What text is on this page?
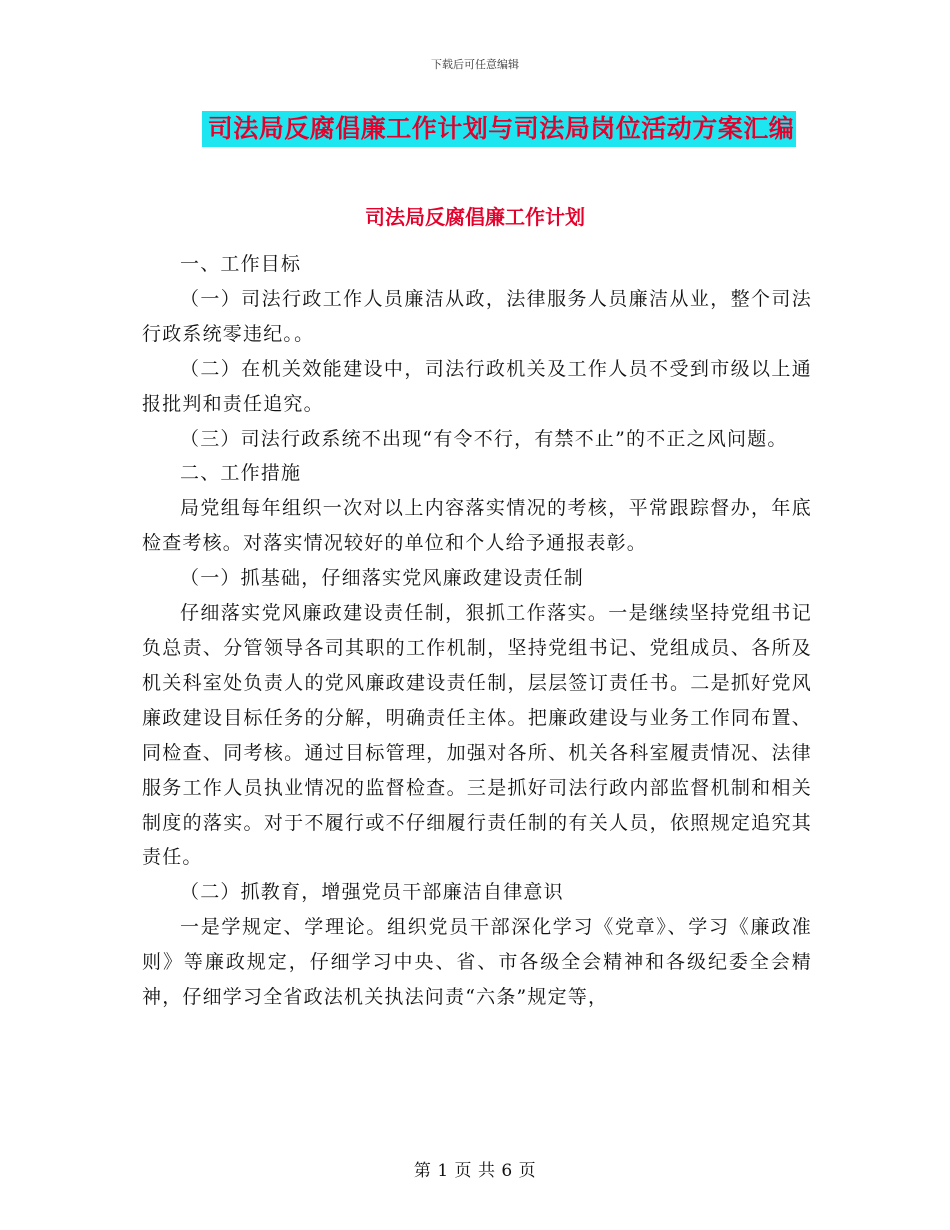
下载后可任意编辑
司法局反腐倡廉工作计划与司法局岗位活动方案汇编
司法局反腐倡廉工作计划

一、工作目标

（一）司法行政工作人员廉洁从政，法律服务人员廉洁从业，整个司法行政系统零违纪。。

（二）在机关效能建设中，司法行政机关及工作人员不受到市级以上通报批判和责任追究。

（三）司法行政系统不出现“有令不行，有禁不止”的不正之风问题。

二、工作措施

局党组每年组织一次对以上内容落实情况的考核，平常跟踪督办，年底检查考核。对落实情况较好的单位和个人给予通报表彰。

（一）抓基础，仔细落实党风廉政建设责任制

仔细落实党风廉政建设责任制，狠抓工作落实。一是继续坚持党组书记负总责、分管领导各司其职的工作机制，坚持党组书记、党组成员、各所及机关科室处负责人的党风廉政建设责任制，层层签订责任书。二是抓好党风廉政建设目标任务的分解，明确责任主体。把廉政建设与业务工作同布置、同检查、同考核。通过目标管理，加强对各所、机关各科室履责情况、法律服务工作人员执业情况的监督检查。三是抓好司法行政内部监督机制和相关制度的落实。对于不履行或不仔细履行责任制的有关人员，依照规定追究其责任。

（二）抓教育，增强党员干部廉洁自律意识

一是学规定、学理论。组织党员干部深化学习《党章》、学习《廉政准则》等廉政规定，仔细学习中央、省、市各级全会精神和各级纪委全会精神，仔细学习全省政法机关执法问责“六条”规定等，

第 1 页 共 6 页
